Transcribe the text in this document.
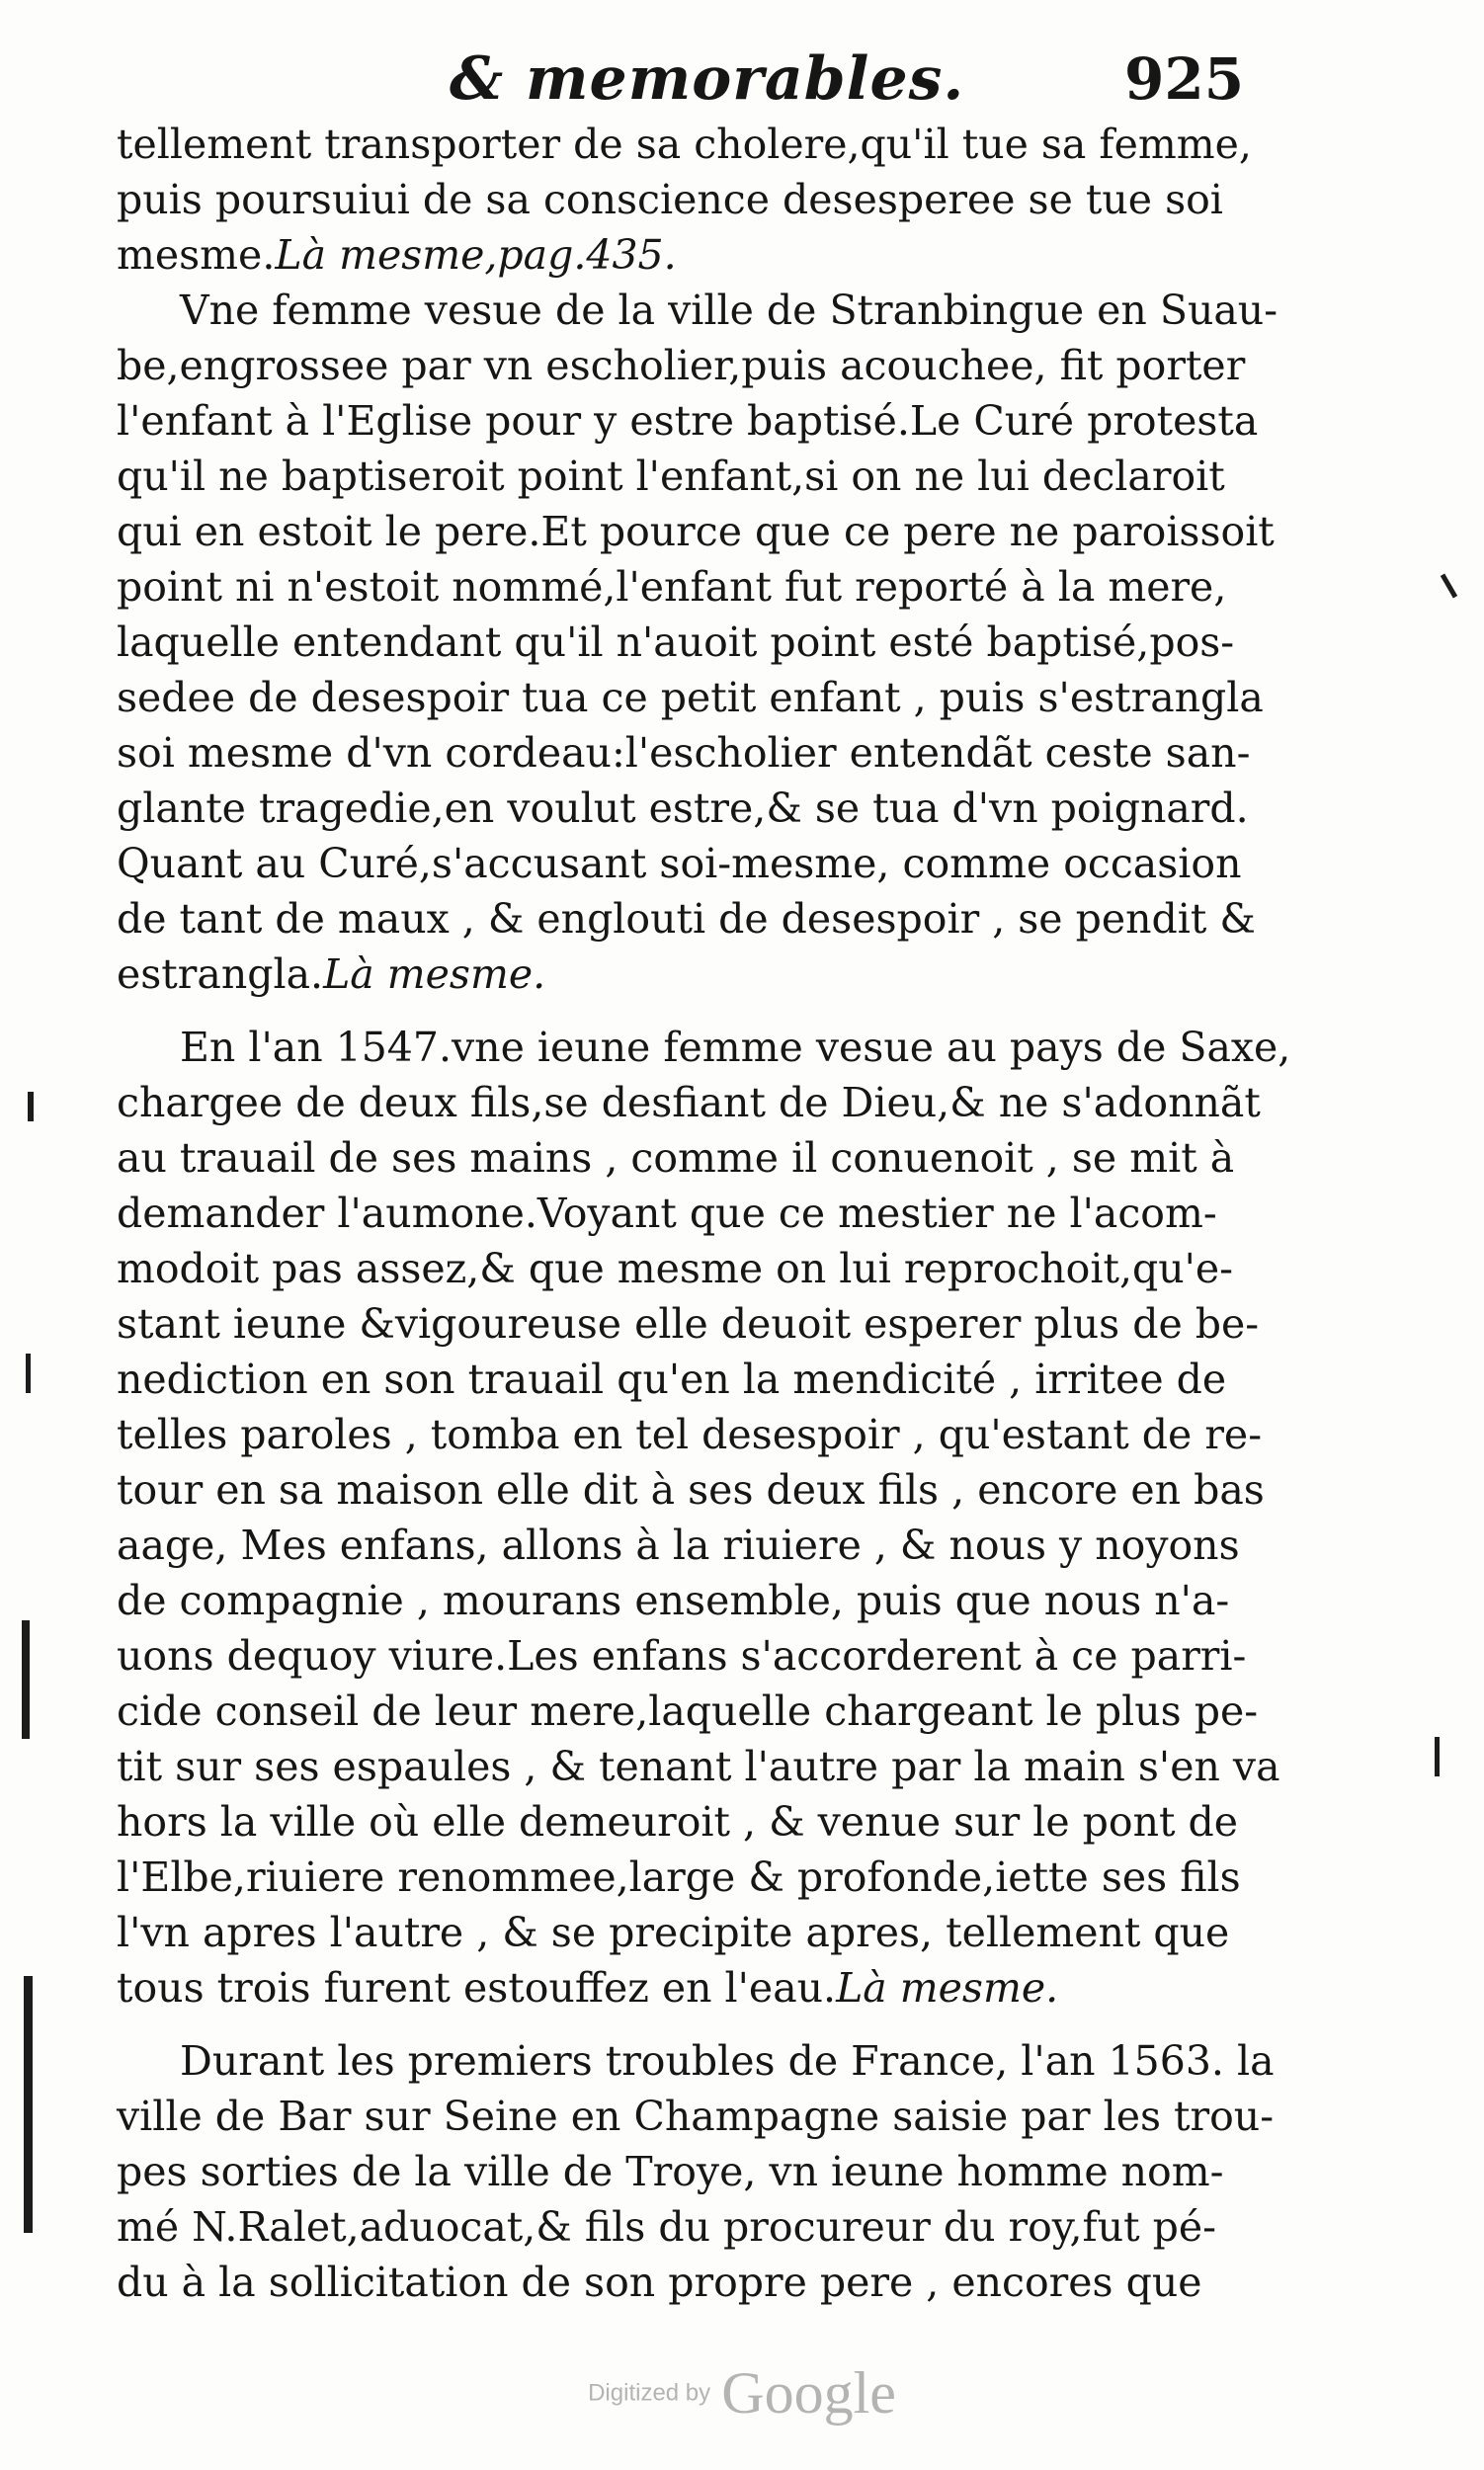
& memorables.	925
tellement transporter de sa cholere,qu'il tue sa femme,
puis poursuiui de sa conscience desesperee se tue soi
mesme.Là mesme,pag.435.
Vne femme vesue de la ville de Stranbingue en Suau-
be,engrossee par vn escholier,puis acouchee, fit porter
l'enfant à l'Eglise pour y estre baptisé.Le Curé protesta
qu'il ne baptiseroit point l'enfant,si on ne lui declaroit
qui en estoit le pere.Et pource que ce pere ne paroissoit
point ni n'estoit nommé,l'enfant fut reporté à la mere,
laquelle entendant qu'il n'auoit point esté baptisé,pos-
sedee de desespoir tua ce petit enfant , puis s'estrangla
soi mesme d'vn cordeau:l'escholier entendãt ceste san-
glante tragedie,en voulut estre,& se tua d'vn poignard.
Quant au Curé,s'accusant soi-mesme, comme occasion
de tant de maux , & englouti de desespoir , se pendit &
estrangla.Là mesme.
En l'an 1547.vne ieune femme vesue au pays de Saxe,
chargee de deux fils,se desfiant de Dieu,& ne s'adonnãt
au trauail de ses mains , comme il conuenoit , se mit à
demander l'aumone.Voyant que ce mestier ne l'acom-
modoit pas assez,& que mesme on lui reprochoit,qu'e-
stant ieune &vigoureuse elle deuoit esperer plus de be-
nediction en son trauail qu'en la mendicité , irritee de
telles paroles , tomba en tel desespoir , qu'estant de re-
tour en sa maison elle dit à ses deux fils , encore en bas
aage, Mes enfans, allons à la riuiere , & nous y noyons
de compagnie , mourans ensemble, puis que nous n'a-
uons dequoy viure.Les enfans s'accorderent à ce parri-
cide conseil de leur mere,laquelle chargeant le plus pe-
tit sur ses espaules , & tenant l'autre par la main s'en va
hors la ville où elle demeuroit , & venue sur le pont de
l'Elbe,riuiere renommee,large & profonde,iette ses fils
l'vn apres l'autre , & se precipite apres, tellement que
tous trois furent estouffez en l'eau.Là mesme.
Durant les premiers troubles de France, l'an 1563. la
ville de Bar sur Seine en Champagne saisie par les trou-
pes sorties de la ville de Troye, vn ieune homme nom-
mé N.Ralet,aduocat,& fils du procureur du roy,fut pé-
du à la sollicitation de son propre pere , encores que
Digitized by Google
